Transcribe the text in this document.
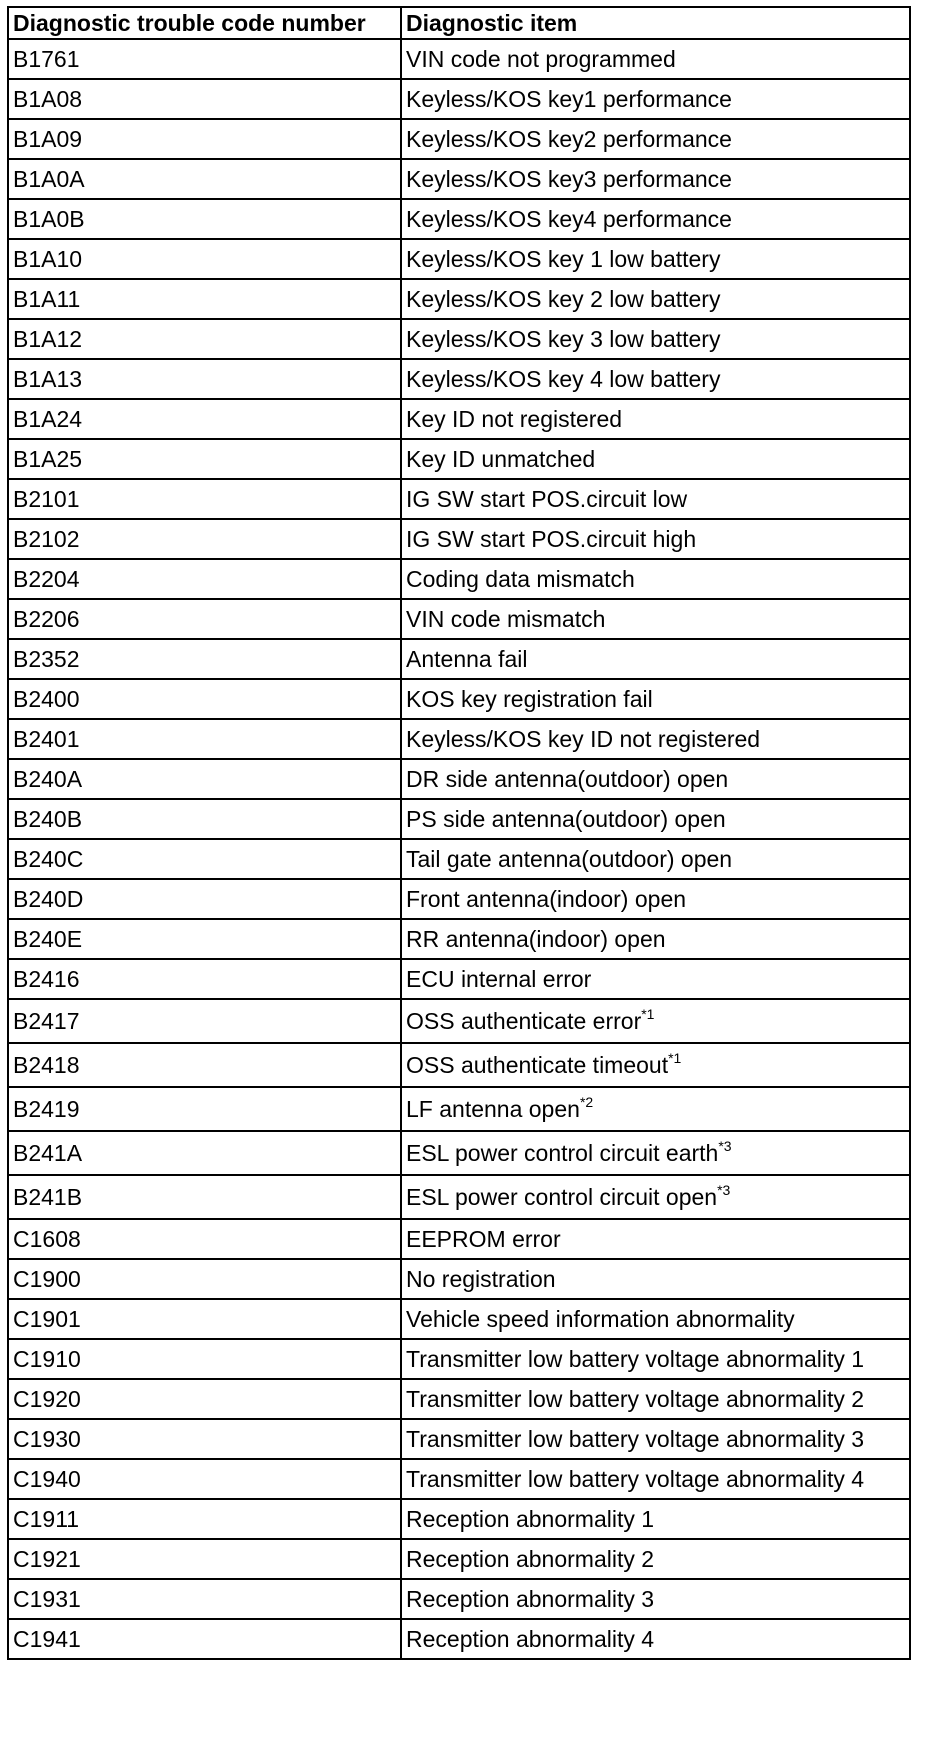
Diagnostic trouble code number	Diagnostic item
B1761	VIN code not programmed
B1A08	Keyless/KOS key1 performance
B1A09	Keyless/KOS key2 performance
B1A0A	Keyless/KOS key3 performance
B1A0B	Keyless/KOS key4 performance
B1A10	Keyless/KOS key 1 low battery
B1A11	Keyless/KOS key 2 low battery
B1A12	Keyless/KOS key 3 low battery
B1A13	Keyless/KOS key 4 low battery
B1A24	Key ID not registered
B1A25	Key ID unmatched
B2101	IG SW start POS.circuit low
B2102	IG SW start POS.circuit high
B2204	Coding data mismatch
B2206	VIN code mismatch
B2352	Antenna fail
B2400	KOS key registration fail
B2401	Keyless/KOS key ID not registered
B240A	DR side antenna(outdoor) open
B240B	PS side antenna(outdoor) open
B240C	Tail gate antenna(outdoor) open
B240D	Front antenna(indoor) open
B240E	RR antenna(indoor) open
B2416	ECU internal error
B2417	OSS authenticate error$^{*1}$
B2418	OSS authenticate timeout$^{*1}$
B2419	LF antenna open$^{*2}$
B241A	ESL power control circuit earth$^{*3}$
B241B	ESL power control circuit open$^{*3}$
C1608	EEPROM error
C1900	No registration
C1901	Vehicle speed information abnormality
C1910	Transmitter low battery voltage abnormality 1
C1920	Transmitter low battery voltage abnormality 2
C1930	Transmitter low battery voltage abnormality 3
C1940	Transmitter low battery voltage abnormality 4
C1911	Reception abnormality 1
C1921	Reception abnormality 2
C1931	Reception abnormality 3
C1941	Reception abnormality 4
